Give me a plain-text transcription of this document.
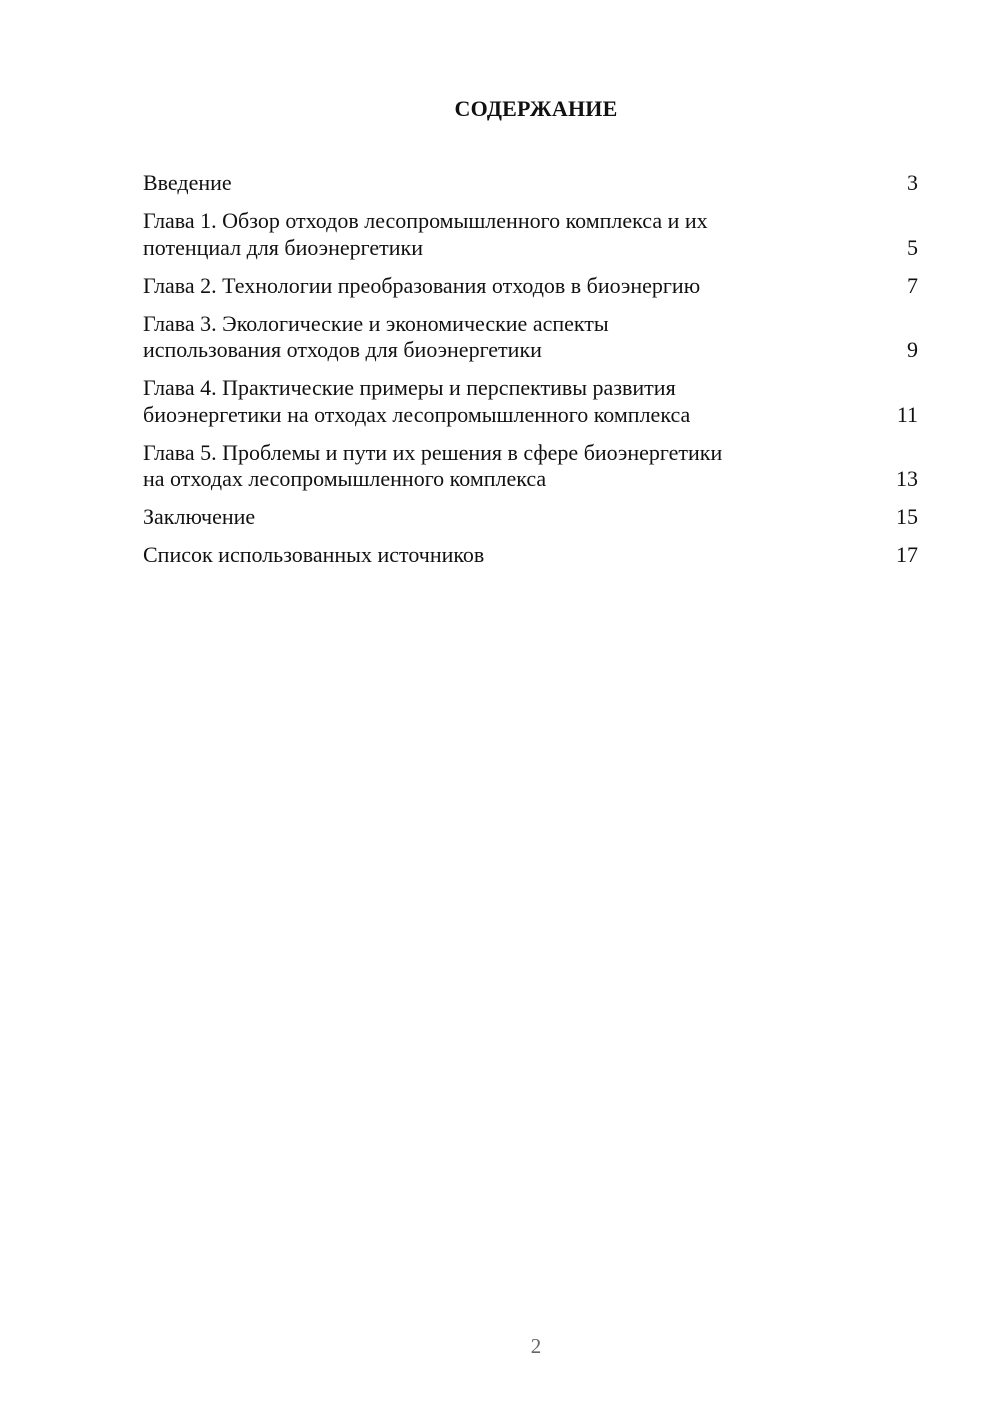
СОДЕРЖАНИЕ
Введение	3
Глава 1. Обзор отходов лесопромышленного комплекса и их
потенциал для биоэнергетики	5
Глава 2. Технологии преобразования отходов в биоэнергию	7
Глава 3. Экологические и экономические аспекты
использования отходов для биоэнергетики	9
Глава 4. Практические примеры и перспективы развития
биоэнергетики на отходах лесопромышленного комплекса	11
Глава 5. Проблемы и пути их решения в сфере биоэнергетики
на отходах лесопромышленного комплекса	13
Заключение	15
Список использованных источников	17
2
